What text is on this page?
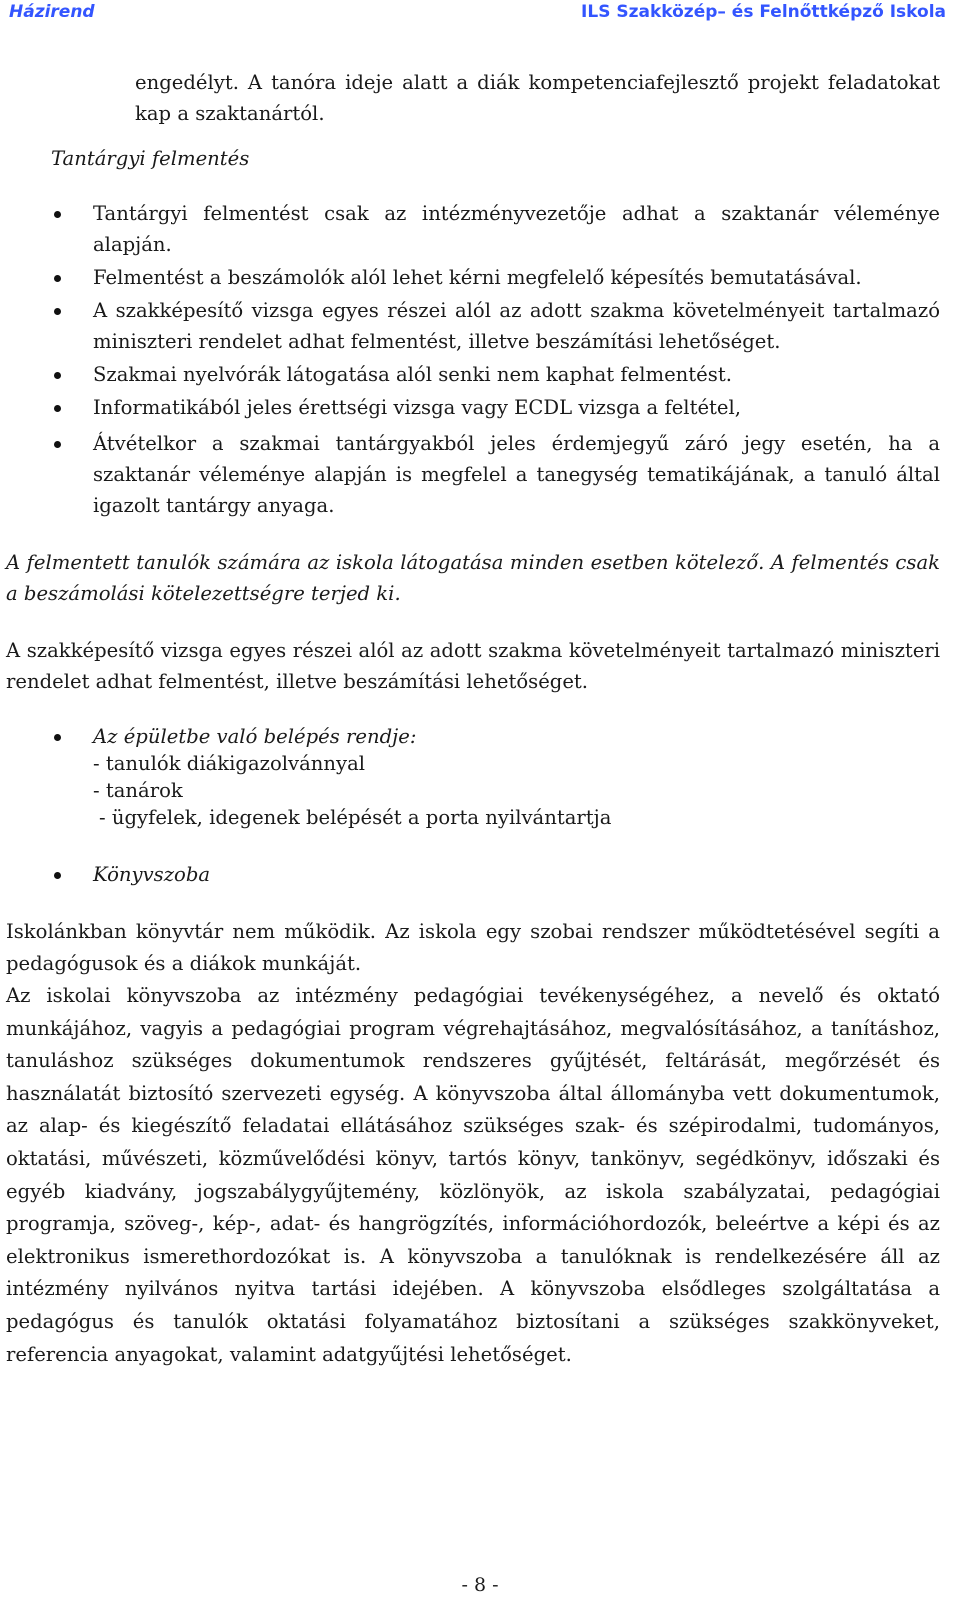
Házirend	ILS Szakközép– és Felnőttképző Iskola

engedélyt. A tanóra ideje alatt a diák kompetenciafejlesztő projekt feladatokat kap a szaktanártól.

Tantárgyi felmentés

Tantárgyi felmentést csak az intézményvezetője adhat a szaktanár véleménye alapján.
Felmentést a beszámolók alól lehet kérni megfelelő képesítés bemutatásával.
A szakképesítő vizsga egyes részei alól az adott szakma követelményeit tartalmazó miniszteri rendelet adhat felmentést, illetve beszámítási lehetőséget.
Szakmai nyelvórák látogatása alól senki nem kaphat felmentést.
Informatikából jeles érettségi vizsga vagy ECDL vizsga a feltétel,
Átvételkor a szakmai tantárgyakból jeles érdemjegyű záró jegy esetén, ha a szaktanár véleménye alapján is megfelel a tanegység tematikájának, a tanuló által igazolt tantárgy anyaga.

A felmentett tanulók számára az iskola látogatása minden esetben kötelező. A felmentés csak a beszámolási kötelezettségre terjed ki.

A szakképesítő vizsga egyes részei alól az adott szakma követelményeit tartalmazó miniszteri rendelet adhat felmentést, illetve beszámítási lehetőséget.

Az épületbe való belépés rendje:
- tanulók diákigazolvánnyal
- tanárok
- ügyfelek, idegenek belépését a porta nyilvántartja
Könyvszoba

Iskolánkban könyvtár nem működik. Az iskola egy szobai rendszer működtetésével segíti a pedagógusok és a diákok munkáját.

Az iskolai könyvszoba az intézmény pedagógiai tevékenységéhez, a nevelő és oktató munkájához, vagyis a pedagógiai program végrehajtásához, megvalósításához, a tanításhoz, tanuláshoz szükséges dokumentumok rendszeres gyűjtését, feltárását, megőrzését és használatát biztosító szervezeti egység. A könyvszoba által állományba vett dokumentumok, az alap- és kiegészítő feladatai ellátásához szükséges szak- és szépirodalmi, tudományos, oktatási, művészeti, közművelődési könyv, tartós könyv, tankönyv, segédkönyv, időszaki és egyéb kiadvány, jogszabálygyűjtemény, közlönyök, az iskola szabályzatai, pedagógiai programja, szöveg-, kép-, adat- és hangrögzítés, információhordozók, beleértve a képi és az elektronikus ismerethordozókat is. A könyvszoba a tanulóknak is rendelkezésére áll az intézmény nyilvános nyitva tartási idejében. A könyvszoba elsődleges szolgáltatása a pedagógus és tanulók oktatási folyamatához biztosítani a szükséges szakkönyveket, referencia anyagokat, valamint adatgyűjtési lehetőséget.

- 8 -
